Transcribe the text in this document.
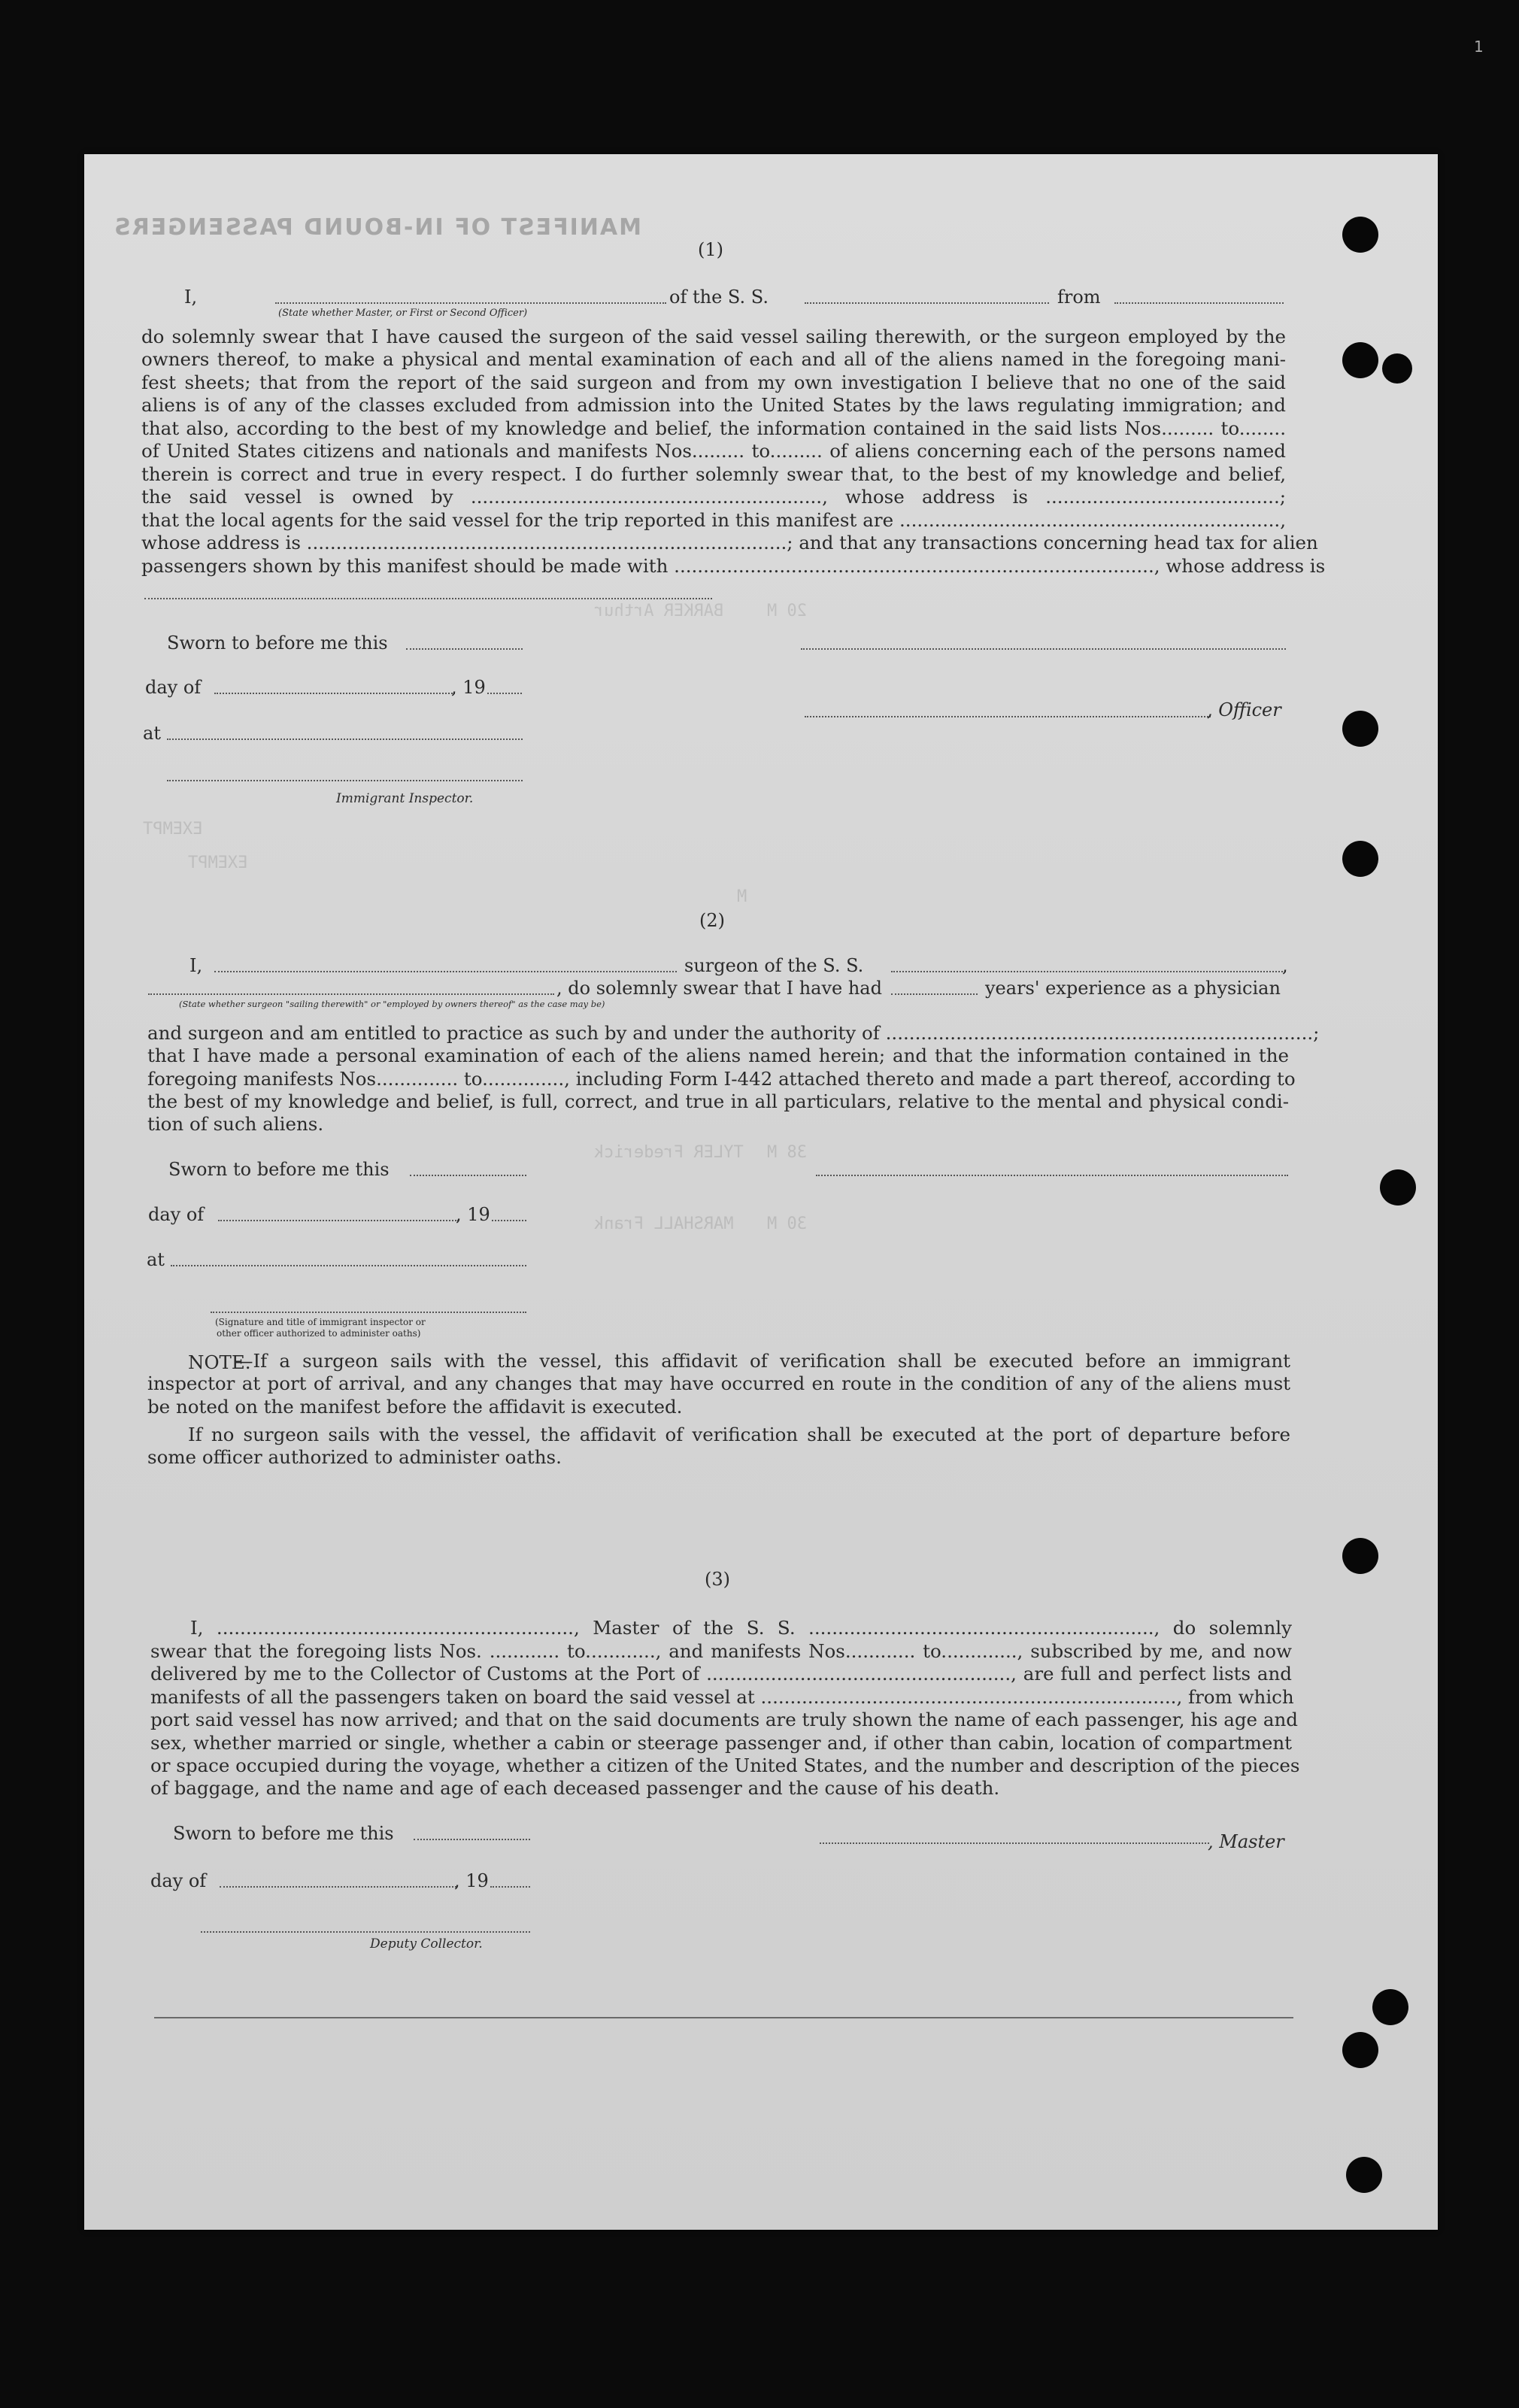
MANIFEST OF IN-BOUND PASSENGERS
BARKER Arthur	20 M
EXEMPT
EXEMPT
M
TYLER Frederick 38 M
MARSHALL Frank 30 M
1
(1)
I,	of the S. S.	from
(State whether Master, or First or Second Officer)
do solemnly swear that I have caused the surgeon of the said vessel sailing therewith, or the surgeon employed by the
owners thereof, to make a physical and mental examination of each and all of the aliens named in the foregoing mani-
fest sheets; that from the report of the said surgeon and from my own investigation I believe that no one of the said
aliens is of any of the classes excluded from admission into the United States by the laws regulating immigration; and
that also, according to the best of my knowledge and belief, the information contained in the said lists Nos......... to........
of United States citizens and nationals and manifests Nos......... to......... of aliens concerning each of the persons named
therein is correct and true in every respect. I do further solemnly swear that, to the best of my knowledge and belief,
the said vessel is owned by ............................................................, whose address is ........................................;
that the local agents for the said vessel for the trip reported in this manifest are .................................................................,
whose address is ..................................................................................; and that any transactions concerning head tax for alien
passengers shown by this manifest should be made with .................................................................................., whose address is
Sworn to before me this
day of	, 19
, Officer
at
Immigrant Inspector.
(2)
I,	surgeon of the S. S.	,
, do solemnly swear that I have had	years' experience as a physician
(State whether surgeon "sailing therewith" or "employed by owners thereof" as the case may be)
and surgeon and am entitled to practice as such by and under the authority of .........................................................................;
that I have made a personal examination of each of the aliens named herein; and that the information contained in the
foregoing manifests Nos.............. to.............., including Form I-442 attached thereto and made a part thereof, according to
the best of my knowledge and belief, is full, correct, and true in all particulars, relative to the mental and physical condi-
tion of such aliens.
Sworn to before me this
day of	, 19
at
(Signature and title of immigrant inspector or
other officer authorized to administer oaths)
NOTE.
—If a surgeon sails with the vessel, this affidavit of verification shall be executed before an immigrant
inspector at port of arrival, and any changes that may have occurred en route in the condition of any of the aliens must
be noted on the manifest before the affidavit is executed.
If no surgeon sails with the vessel, the affidavit of verification shall be executed at the port of departure before
some officer authorized to administer oaths.
(3)
I, ............................................................., Master of the S. S. ..........................................................., do solemnly
swear that the foregoing lists Nos. ............ to............, and manifests Nos............ to............., subscribed by me, and now
delivered by me to the Collector of Customs at the Port of ...................................................., are full and perfect lists and
manifests of all the passengers taken on board the said vessel at ......................................................................., from which
port said vessel has now arrived; and that on the said documents are truly shown the name of each passenger, his age and
sex, whether married or single, whether a cabin or steerage passenger and, if other than cabin, location of compartment
or space occupied during the voyage, whether a citizen of the United States, and the number and description of the pieces
of baggage, and the name and age of each deceased passenger and the cause of his death.
Sworn to before me this	, Master
day of	, 19
Deputy Collector.
